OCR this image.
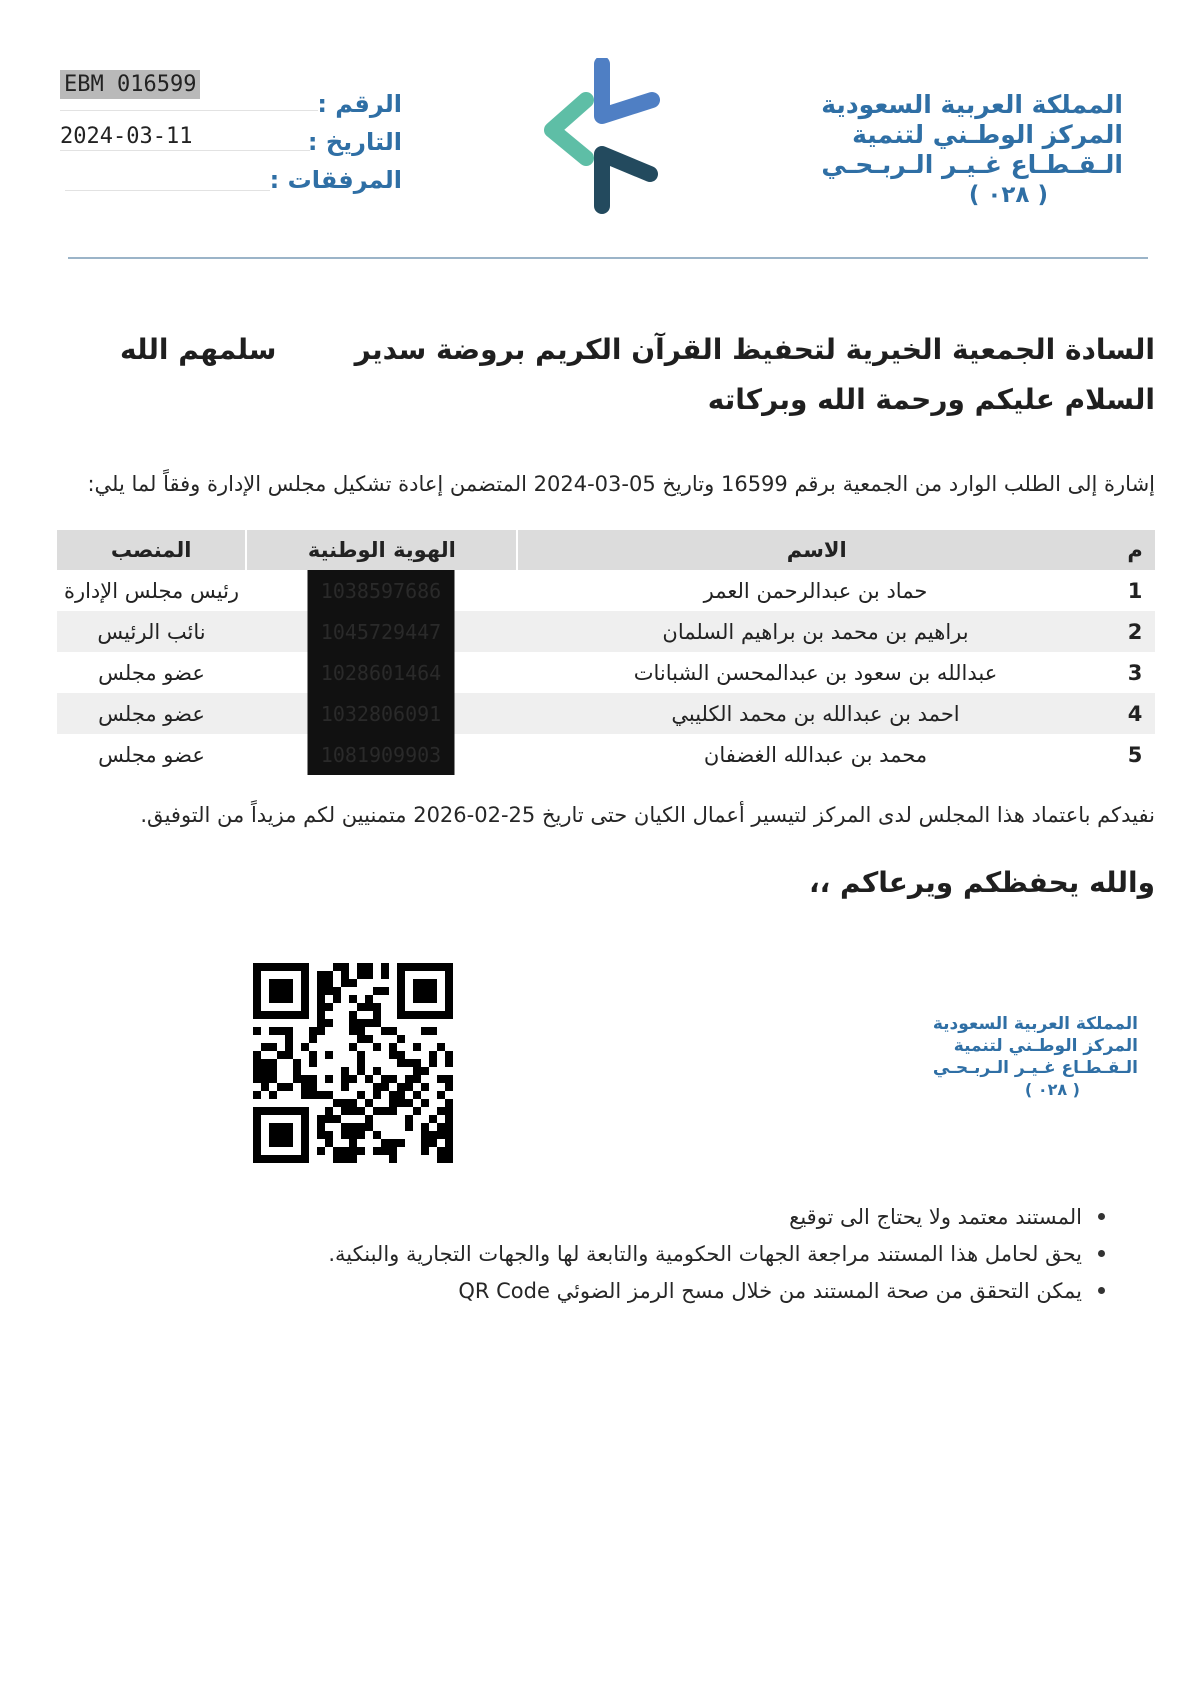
EBM 016599
الرقم :
2024-03-11	التاريخ :
المرفقات :
المملكة العربية السعودية
المركز الوطـني لتنمية
الـقـطـاع غـيـر الـربـحـي
( ٠٢٨ )
السادة الجمعية الخيرية لتحفيظ القرآن الكريم بروضة سدير
سلمهم الله
السلام عليكم ورحمة الله وبركاته
إشارة إلى الطلب الوارد من الجمعية برقم 16599 وتاريخ 05-03-2024 المتضمن إعادة تشكيل مجلس الإدارة وفقاً لما يلي:
م
الاسم
الهوية الوطنية
المنصب
1
حماد بن عبدالرحمن العمر
1038597686
رئيس مجلس الإدارة
2
براهيم بن محمد بن براهيم السلمان
1045729447
نائب الرئيس
3
عبدالله بن سعود بن عبدالمحسن الشبانات
1028601464
عضو مجلس
4
احمد بن عبدالله بن محمد الكليبي
1032806091
عضو مجلس
5
محمد بن عبدالله الغضفان
1081909903
عضو مجلس
نفيدكم باعتماد هذا المجلس لدى المركز لتيسير أعمال الكيان حتى تاريخ 25-02-2026 متمنيين لكم مزيداً من التوفيق.
والله يحفظكم ويرعاكم ،،
المملكة العربية السعودية
المركز الوطـني لتنمية
الـقـطـاع غـيـر الـربـحـي
( ٠٢٨ )
المستند معتمد ولا يحتاج الى توقيع
يحق لحامل هذا المستند مراجعة الجهات الحكومية والتابعة لها والجهات التجارية والبنكية.
يمكن التحقق من صحة المستند من خلال مسح الرمز الضوئي QR Code
